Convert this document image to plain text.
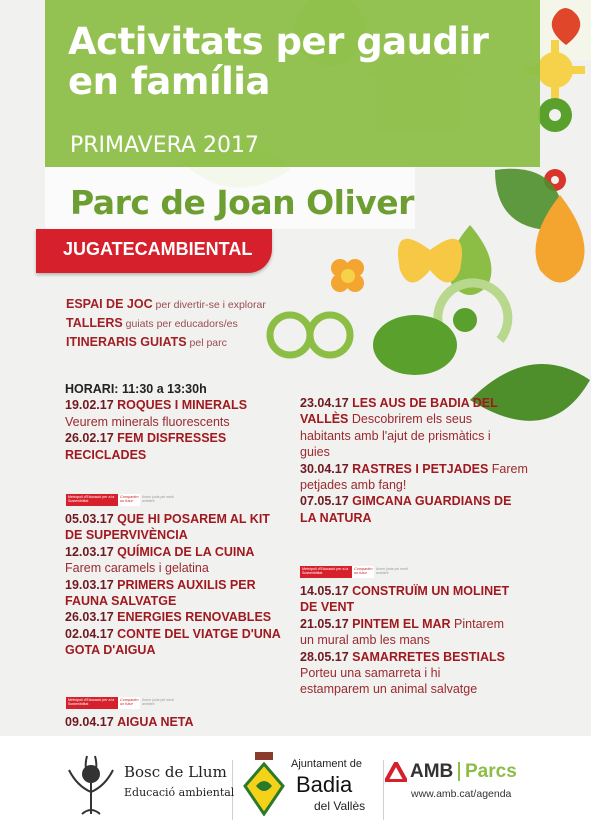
Activitats per gaudir
en família
PRIMAVERA 2017
Parc de Joan Oliver
JUGATECAMBIENTAL
ESPAI DE JOC per divertir-se i explorar
TALLERS guiats per educadors/es
ITINERARIS GUIATS pel parc
HORARI: 11:30 a 13:30h
19.02.17 ROQUES I MINERALS
Veurem minerals fluorescents
26.02.17 FEM DISFRESSES
RECICLADES
Metròpoli d'Educació per a la Sostenibilitat
Compartim un futur
Anem junts pel medi ambient
05.03.17 QUE HI POSAREM AL KIT
DE SUPERVIVÈNCIA
12.03.17 QUÍMICA DE LA CUINA
Farem caramels i gelatina
19.03.17 PRIMERS AUXILIS PER
FAUNA SALVATGE
26.03.17 ENERGIES RENOVABLES
02.04.17 CONTE DEL VIATGE D'UNA
GOTA D'AIGUA
Metròpoli d'Educació per a la Sostenibilitat
Compartim un futur
Anem junts pel medi ambient
09.04.17 AIGUA NETA
23.04.17 LES AUS DE BADIA DEL
VALLÈS Descobrirem els seus
habitants amb l'ajut de prismàtics i
guies
30.04.17 RASTRES I PETJADES Farem
petjades amb fang!
07.05.17 GIMCANA GUARDIANS DE
LA NATURA
Metròpoli d'Educació per a la Sostenibilitat
Compartim un futur
Anem junts pel medi ambient
14.05.17 CONSTRUÏM UN MOLINET
DE VENT
21.05.17 PINTEM EL MAR Pintarem
un mural amb les mans
28.05.17 SAMARRETES BESTIALS
Porteu una samarreta i hi
estamparem un animal salvatge
Bosc de Llum
Educació ambiental
Ajuntament de
Badia
del Vallès
AMB Parcs
www.amb.cat/agenda
